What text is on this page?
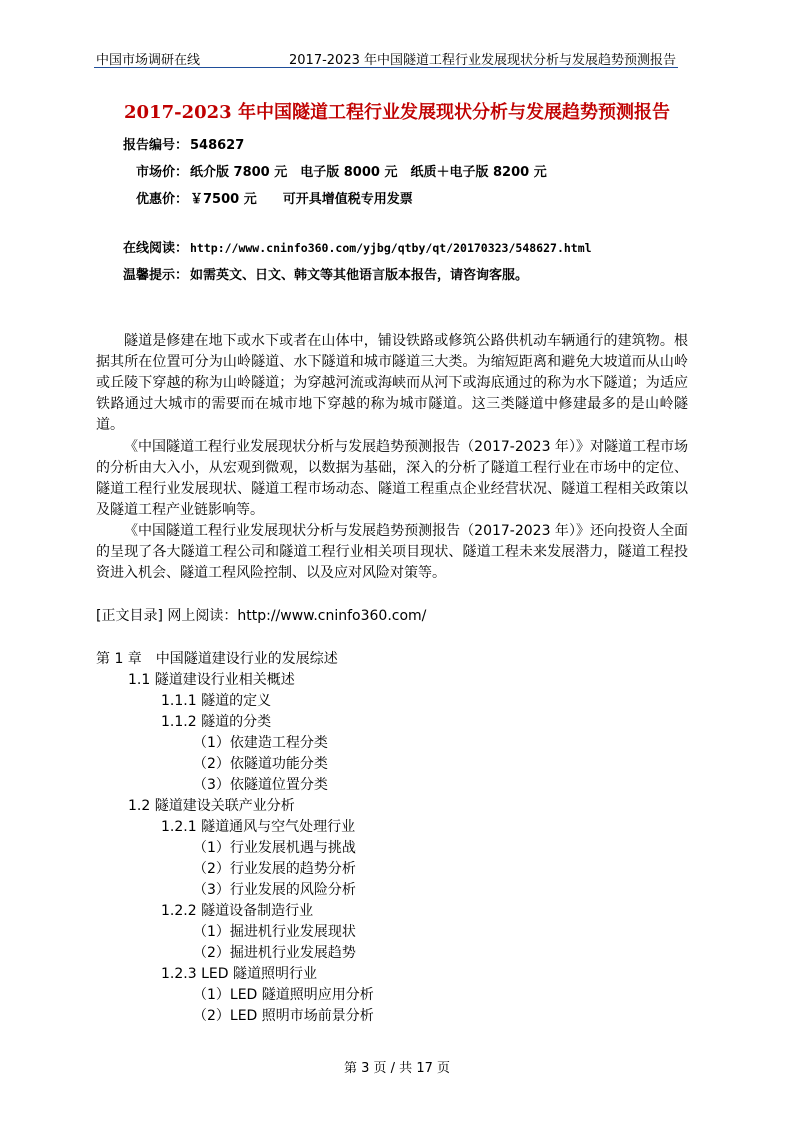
中国市场调研在线	2017-2023 年中国隧道工程行业发展现状分析与发展趋势预测报告
2017-2023 年中国隧道工程行业发展现状分析与发展趋势预测报告
报告编号： 548627
市场价： 纸介版 7800 元　电子版 8000 元　纸质＋电子版 8200 元
优惠价： ￥7500 元　　可开具增值税专用发票
在线阅读： http://www.cninfo360.com/yjbg/qtby/qt/20170323/548627.html
温馨提示： 如需英文、日文、韩文等其他语言版本报告，请咨询客服。
隧道是修建在地下或水下或者在山体中，铺设铁路或修筑公路供机动车辆通行的建筑物。根据其所在位置可分为山岭隧道、水下隧道和城市隧道三大类。为缩短距离和避免大坡道而从山岭或丘陵下穿越的称为山岭隧道；为穿越河流或海峡而从河下或海底通过的称为水下隧道；为适应铁路通过大城市的需要而在城市地下穿越的称为城市隧道。这三类隧道中修建最多的是山岭隧道。
《中国隧道工程行业发展现状分析与发展趋势预测报告（2017-2023 年）》对隧道工程市场的分析由大入小，从宏观到微观，以数据为基础，深入的分析了隧道工程行业在市场中的定位、隧道工程行业发展现状、隧道工程市场动态、隧道工程重点企业经营状况、隧道工程相关政策以及隧道工程产业链影响等。
《中国隧道工程行业发展现状分析与发展趋势预测报告（2017-2023 年）》还向投资人全面的呈现了各大隧道工程公司和隧道工程行业相关项目现状、隧道工程未来发展潜力，隧道工程投资进入机会、隧道工程风险控制、以及应对风险对策等。
[正文目录] 网上阅读：http://www.cninfo360.com/
第 1 章　中国隧道建设行业的发展综述
1.1 隧道建设行业相关概述
1.1.1 隧道的定义
1.1.2 隧道的分类
（1）依建造工程分类
（2）依隧道功能分类
（3）依隧道位置分类
1.2 隧道建设关联产业分析
1.2.1 隧道通风与空气处理行业
（1）行业发展机遇与挑战
（2）行业发展的趋势分析
（3）行业发展的风险分析
1.2.2 隧道设备制造行业
（1）掘进机行业发展现状
（2）掘进机行业发展趋势
1.2.3 LED 隧道照明行业
（1）LED 隧道照明应用分析
（2）LED 照明市场前景分析
第 3 页 / 共 17 页
